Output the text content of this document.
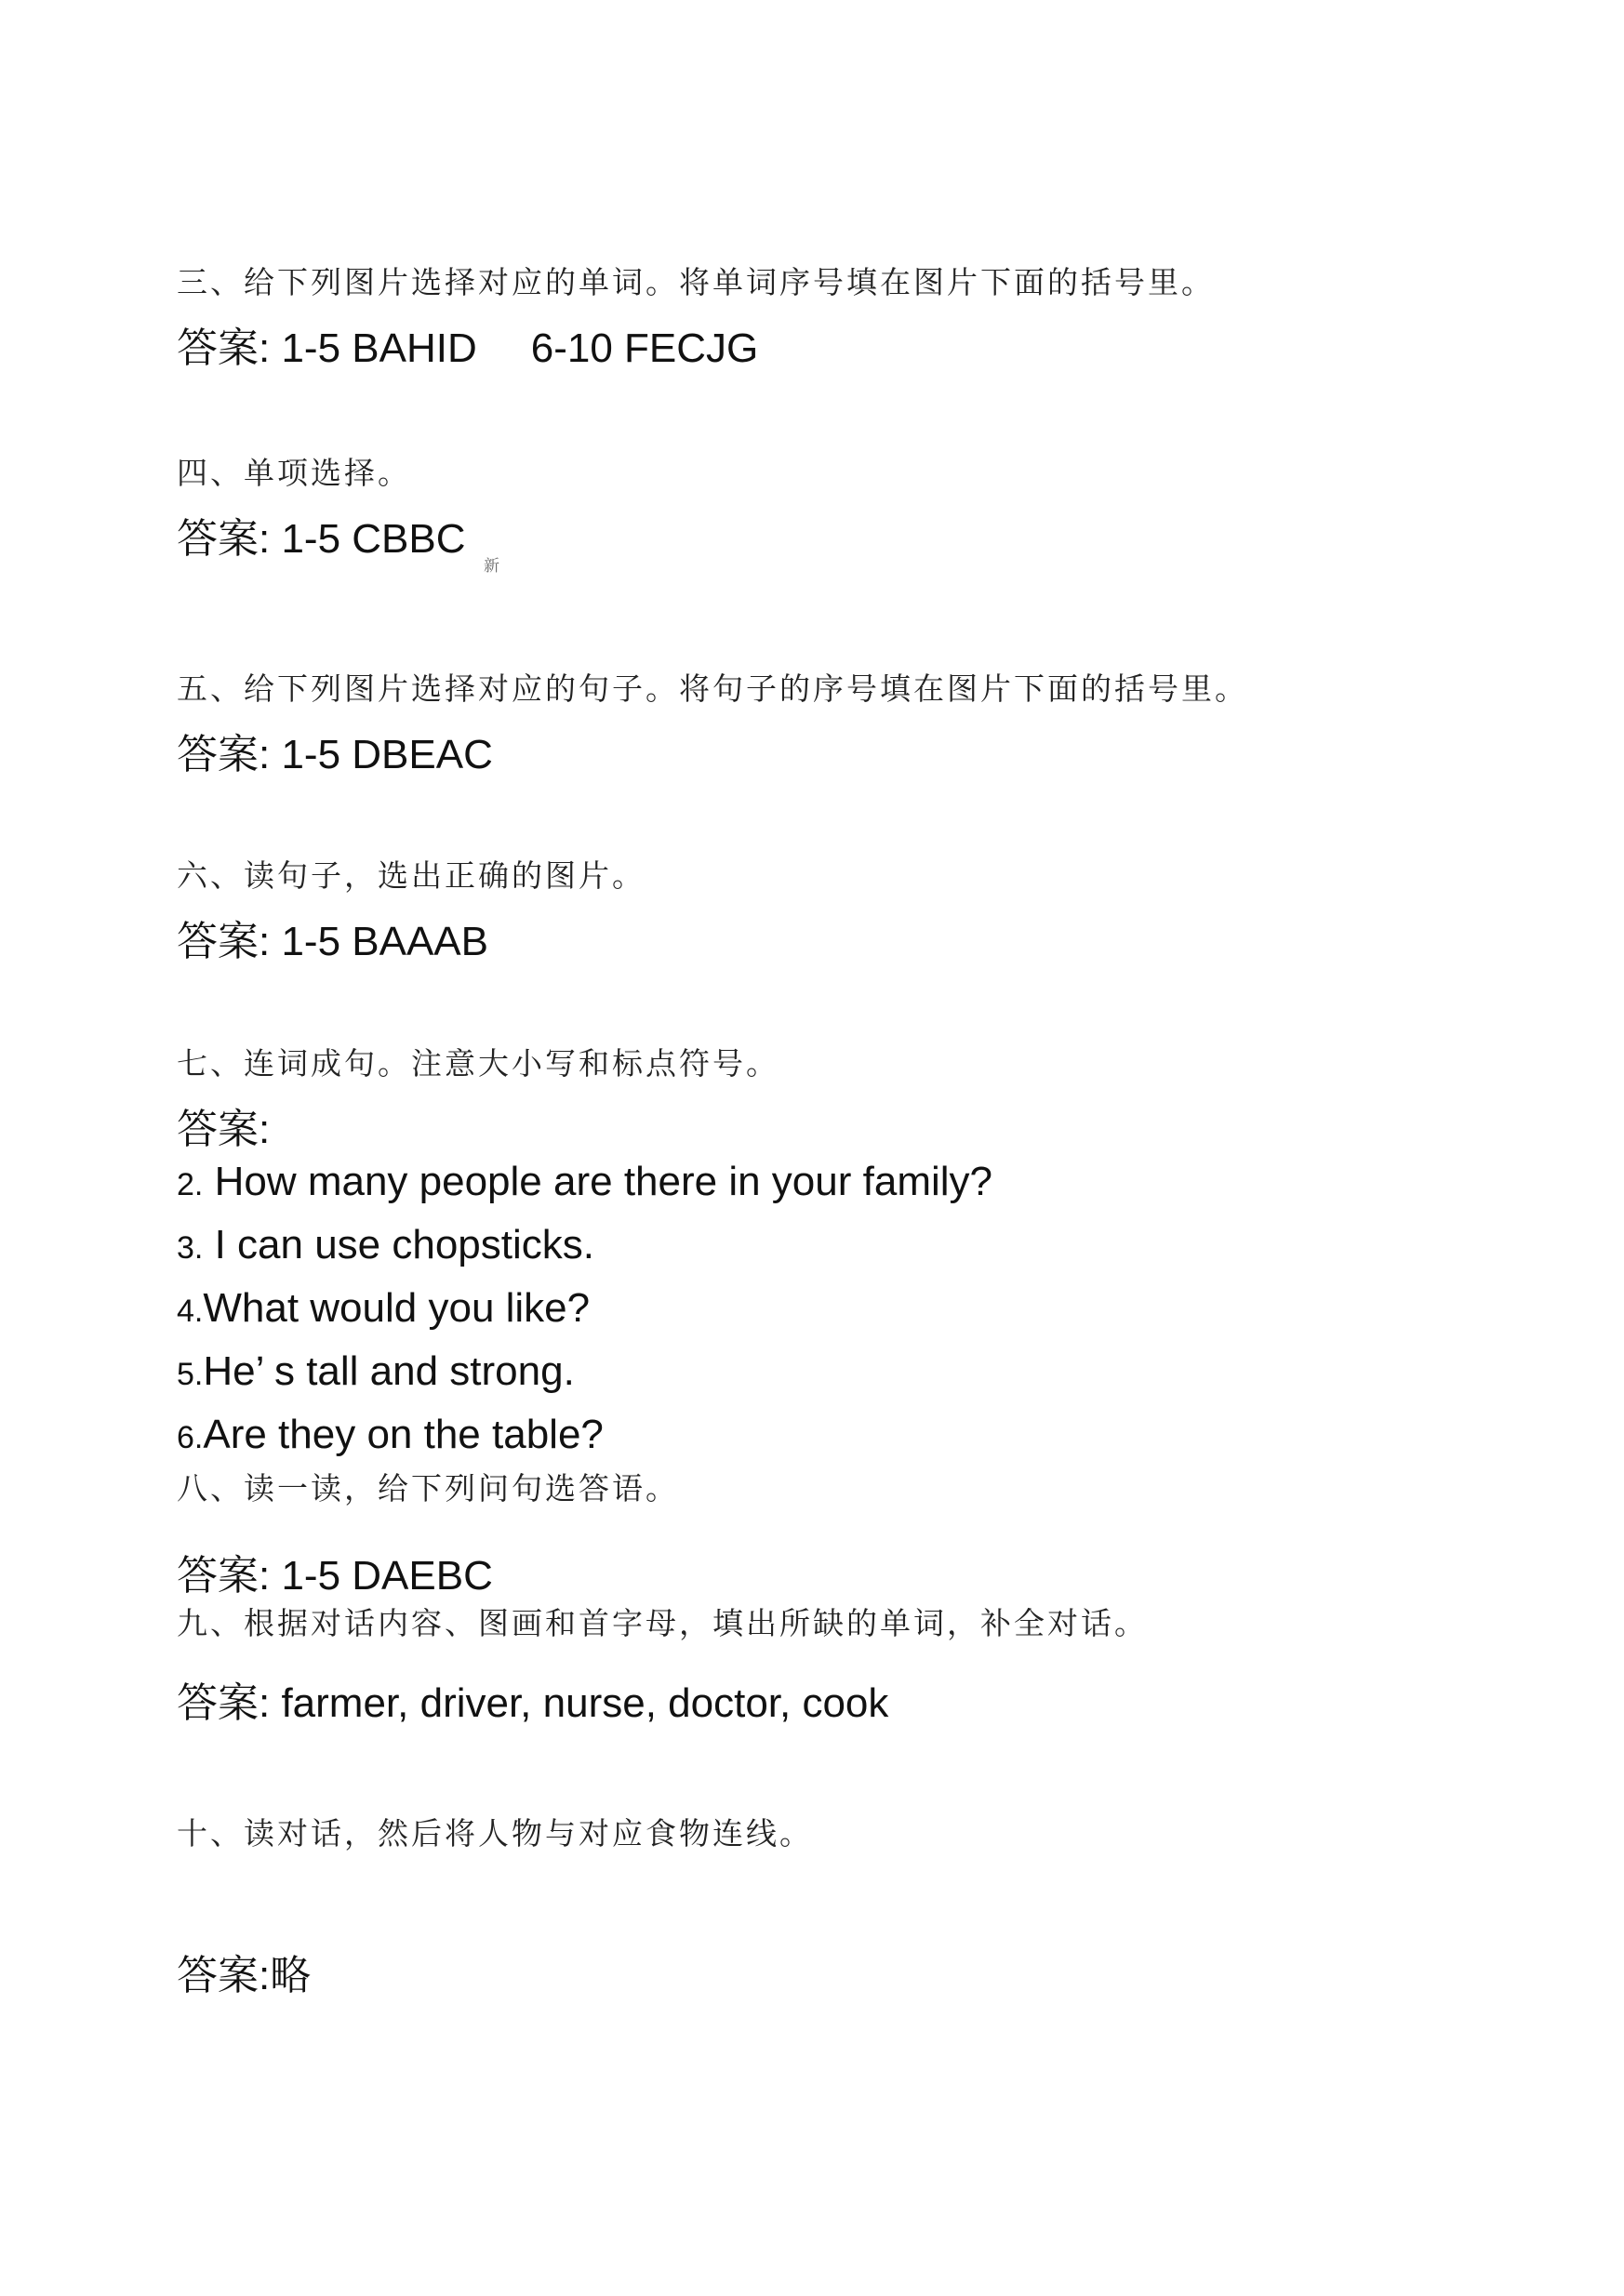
三、给下列图片选择对应的单词。将单词序号填在图片下面的括号里。
答案: 1-5 BAHID 6-10 FECJG
四、单项选择。
答案: 1-5 CBBC
新
五、给下列图片选择对应的句子。将句子的序号填在图片下面的括号里。
答案: 1-5 DBEAC
六、读句子，选出正确的图片。
答案: 1-5 BAAAB
七、连词成句。注意大小写和标点符号。
答案:
2. How many people are there in your family?
3. I can use chopsticks.
4.What would you like?
5.He’ s tall and strong.
6.Are they on the table?
八、读一读，给下列问句选答语。
答案: 1-5 DAEBC
九、根据对话内容、图画和首字母，填出所缺的单词，补全对话。
答案: farmer, driver, nurse, doctor, cook
十、读对话，然后将人物与对应食物连线。
答案:略
